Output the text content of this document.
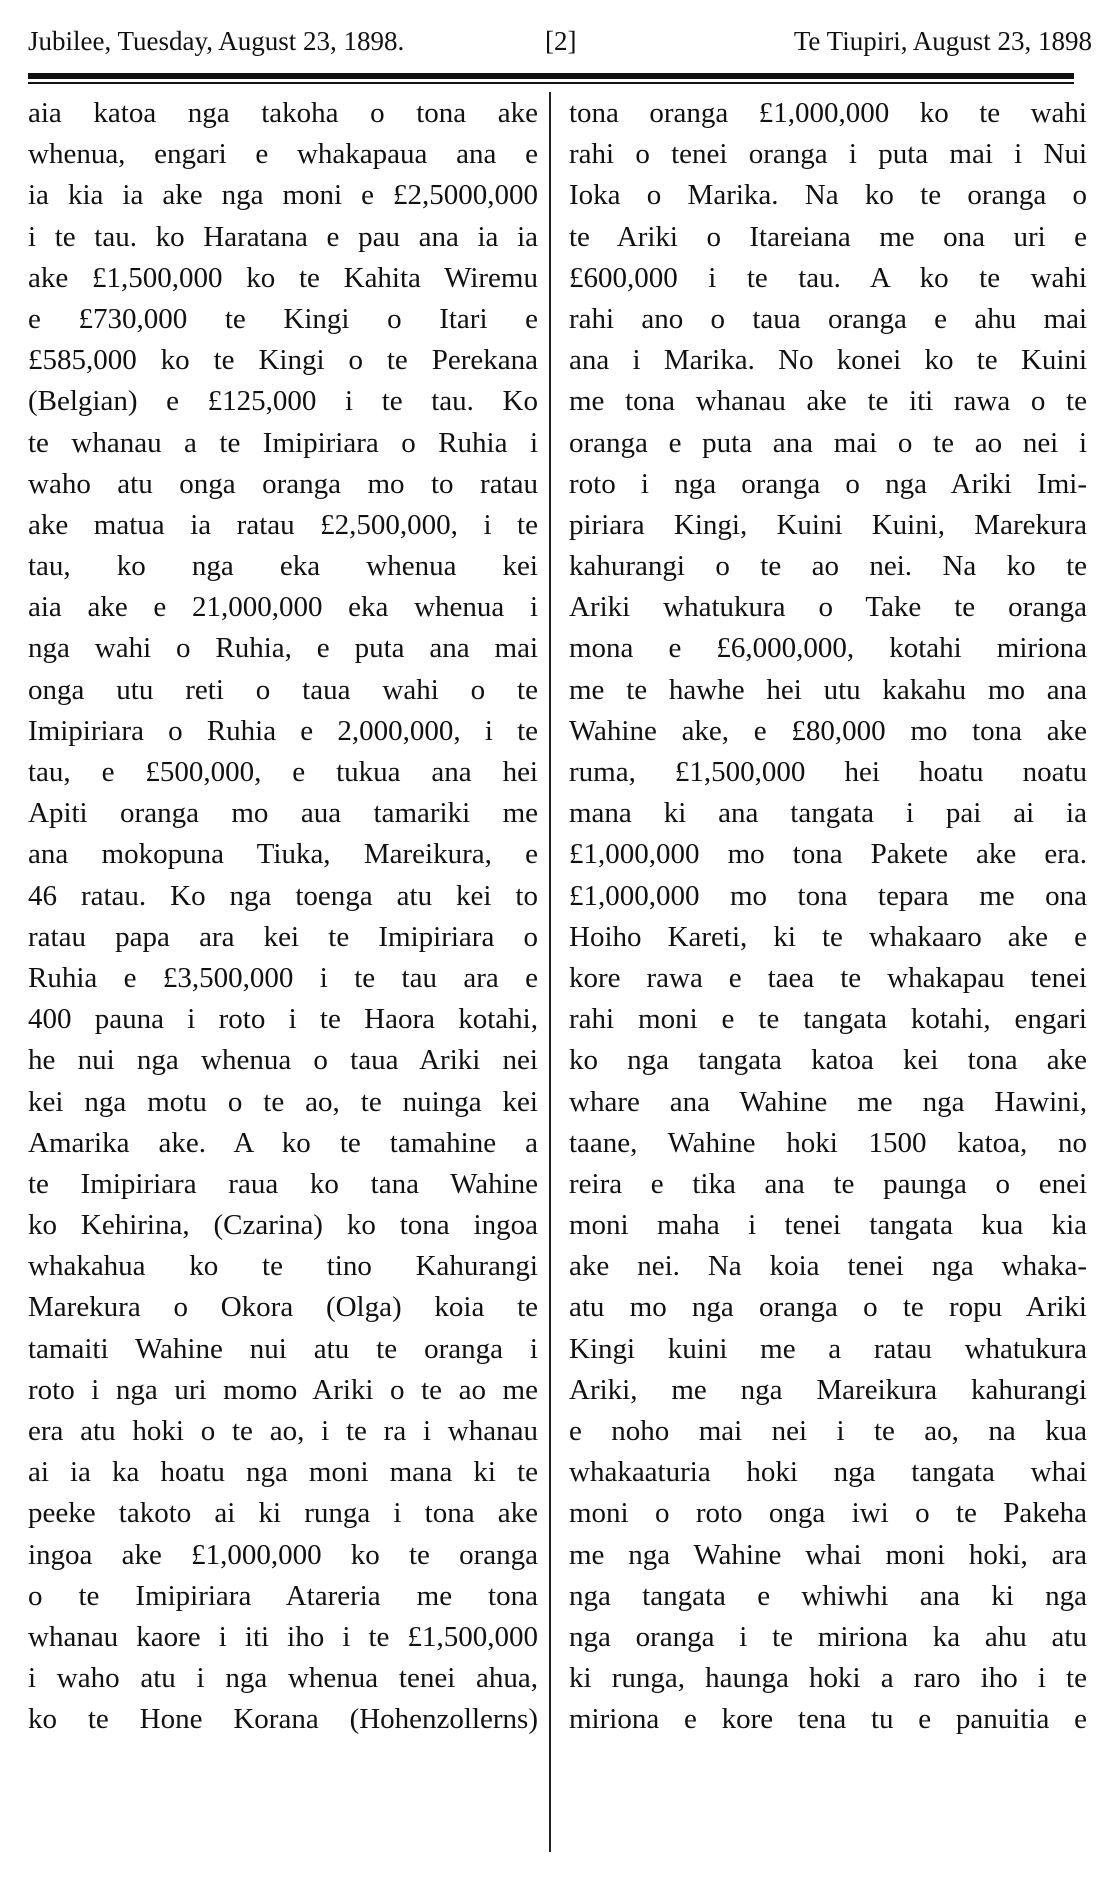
Jubilee, Tuesday, August 23, 1898.	[2]	Te Tiupiri, August 23, 1898
aia katoa nga takoha o tona ake
whenua, engari e whakapaua ana e
ia kia ia ake nga moni e £2,5000,000
i te tau. ko Haratana e pau ana ia ia
ake £1,500,000 ko te Kahita Wiremu
e £730,000 te Kingi o Itari e
£585,000 ko te Kingi o te Perekana
(Belgian) e £125,000 i te tau. Ko
te whanau a te Imipiriara o Ruhia i
waho atu onga oranga mo to ratau
ake matua ia ratau £2,500,000, i te
tau, ko nga eka whenua kei
aia ake e 21,000,000 eka whenua i
nga wahi o Ruhia, e puta ana mai
onga utu reti o taua wahi o te
Imipiriara o Ruhia e 2,000,000, i te
tau, e £500,000, e tukua ana hei
Apiti oranga mo aua tamariki me
ana mokopuna Tiuka, Mareikura, e
46 ratau. Ko nga toenga atu kei to
ratau papa ara kei te Imipiriara o
Ruhia e £3,500,000 i te tau ara e
400 pauna i roto i te Haora kotahi,
he nui nga whenua o taua Ariki nei
kei nga motu o te ao, te nuinga kei
Amarika ake. A ko te tamahine a
te Imipiriara raua ko tana Wahine
ko Kehirina, (Czarina) ko tona ingoa
whakahua ko te tino Kahurangi
Marekura o Okora (Olga) koia te
tamaiti Wahine nui atu te oranga i
roto i nga uri momo Ariki o te ao me
era atu hoki o te ao, i te ra i whanau
ai ia ka hoatu nga moni mana ki te
peeke takoto ai ki runga i tona ake
ingoa ake £1,000,000 ko te oranga
o te Imipiriara Atareria me tona
whanau kaore i iti iho i te £1,500,000
i waho atu i nga whenua tenei ahua,
ko te Hone Korana (Hohenzollerns)
tona oranga £1,000,000 ko te wahi
rahi o tenei oranga i puta mai i Nui
Ioka o Marika. Na ko te oranga o
te Ariki o Itareiana me ona uri e
£600,000 i te tau. A ko te wahi
rahi ano o taua oranga e ahu mai
ana i Marika. No konei ko te Kuini
me tona whanau ake te iti rawa o te
oranga e puta ana mai o te ao nei i
roto i nga oranga o nga Ariki Imi-
piriara Kingi, Kuini Kuini, Marekura
kahurangi o te ao nei. Na ko te
Ariki whatukura o Take te oranga
mona e £6,000,000, kotahi miriona
me te hawhe hei utu kakahu mo ana
Wahine ake, e £80,000 mo tona ake
ruma, £1,500,000 hei hoatu noatu
mana ki ana tangata i pai ai ia
£1,000,000 mo tona Pakete ake era.
£1,000,000 mo tona tepara me ona
Hoiho Kareti, ki te whakaaro ake e
kore rawa e taea te whakapau tenei
rahi moni e te tangata kotahi, engari
ko nga tangata katoa kei tona ake
whare ana Wahine me nga Hawini,
taane, Wahine hoki 1500 katoa, no
reira e tika ana te paunga o enei
moni maha i tenei tangata kua kia
ake nei. Na koia tenei nga whaka-
atu mo nga oranga o te ropu Ariki
Kingi kuini me a ratau whatukura
Ariki, me nga Mareikura kahurangi
e noho mai nei i te ao, na kua
whakaaturia hoki nga tangata whai
moni o roto onga iwi o te Pakeha
me nga Wahine whai moni hoki, ara
nga tangata e whiwhi ana ki nga
nga oranga i te miriona ka ahu atu
ki runga, haunga hoki a raro iho i te
miriona e kore tena tu e panuitia e
